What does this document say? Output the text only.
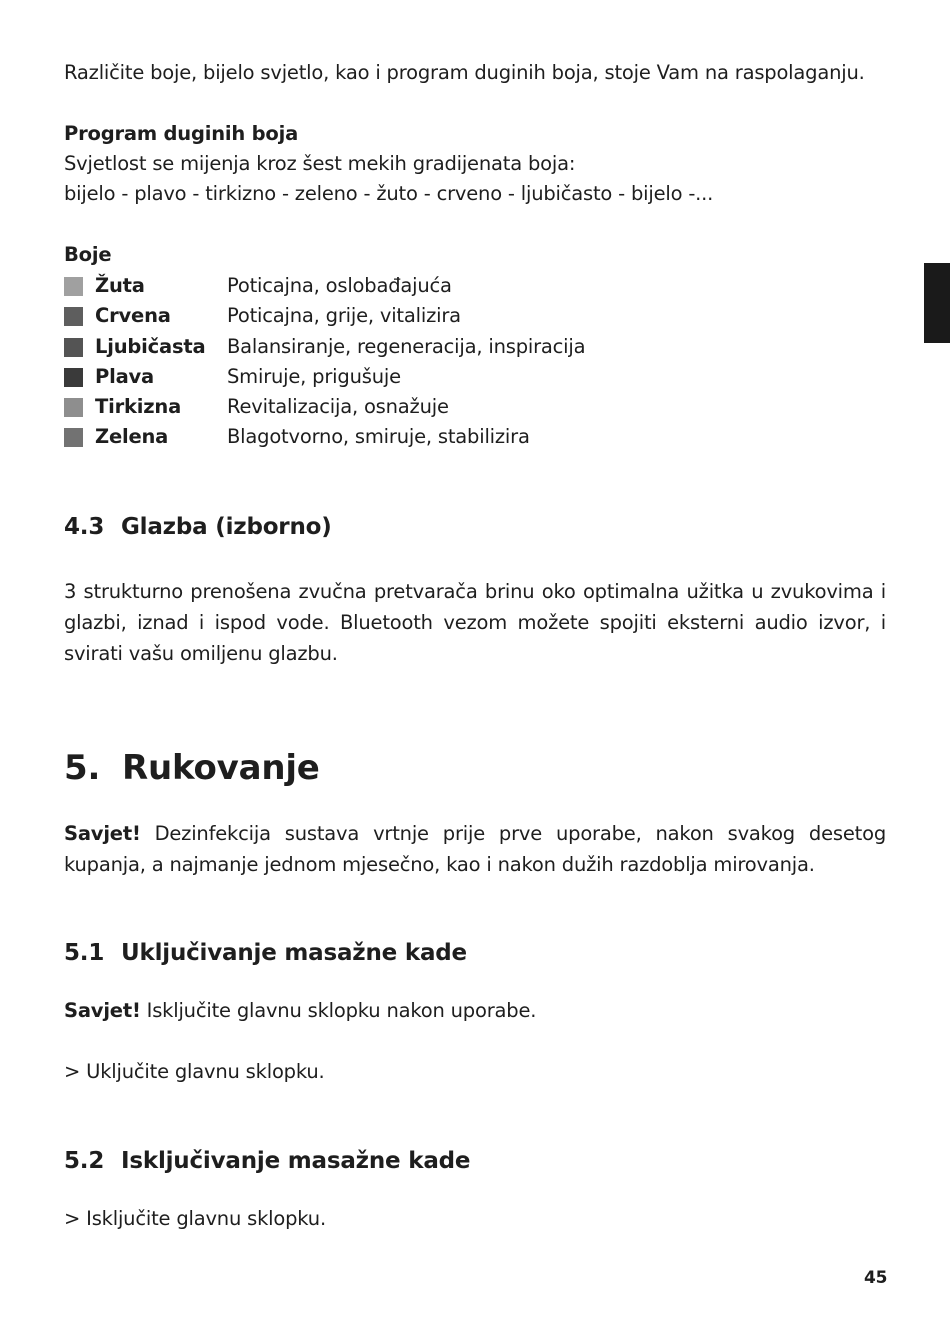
Različite boje, bijelo svjetlo, kao i program duginih boja, stoje Vam na raspolaganju.
Program duginih boja
Svjetlost se mijenja kroz šest mekih gradijenata boja:
bijelo - plavo - tirkizno - zeleno - žuto - crveno - ljubičasto - bijelo -...
Boje
Žuta	Poticajna, oslobađajuća
Crvena	Poticajna, grije, vitalizira
Ljubičasta Balansiranje, regeneracija, inspiracija
Plava	Smiruje, prigušuje
Tirkizna Revitalizacija, osnažuje
Zelena	Blagotvorno, smiruje, stabilizira
4.3 Glazba (izborno)
3 strukturno prenošena zvučna pretvarača brinu oko optimalna užitka u zvukovima i glazbi, iznad i ispod vode. Bluetooth vezom možete spojiti eksterni audio izvor, i svirati vašu omiljenu glazbu.
5. Rukovanje
Savjet! Dezinfekcija sustava vrtnje prije prve uporabe, nakon svakog desetog kupanja, a najmanje jednom mjesečno, kao i nakon dužih razdoblja mirovanja.
5.1 Uključivanje masažne kade
Savjet! Isključite glavnu sklopku nakon uporabe.
> Uključite glavnu sklopku.
5.2 Isključivanje masažne kade
> Isključite glavnu sklopku.
45
